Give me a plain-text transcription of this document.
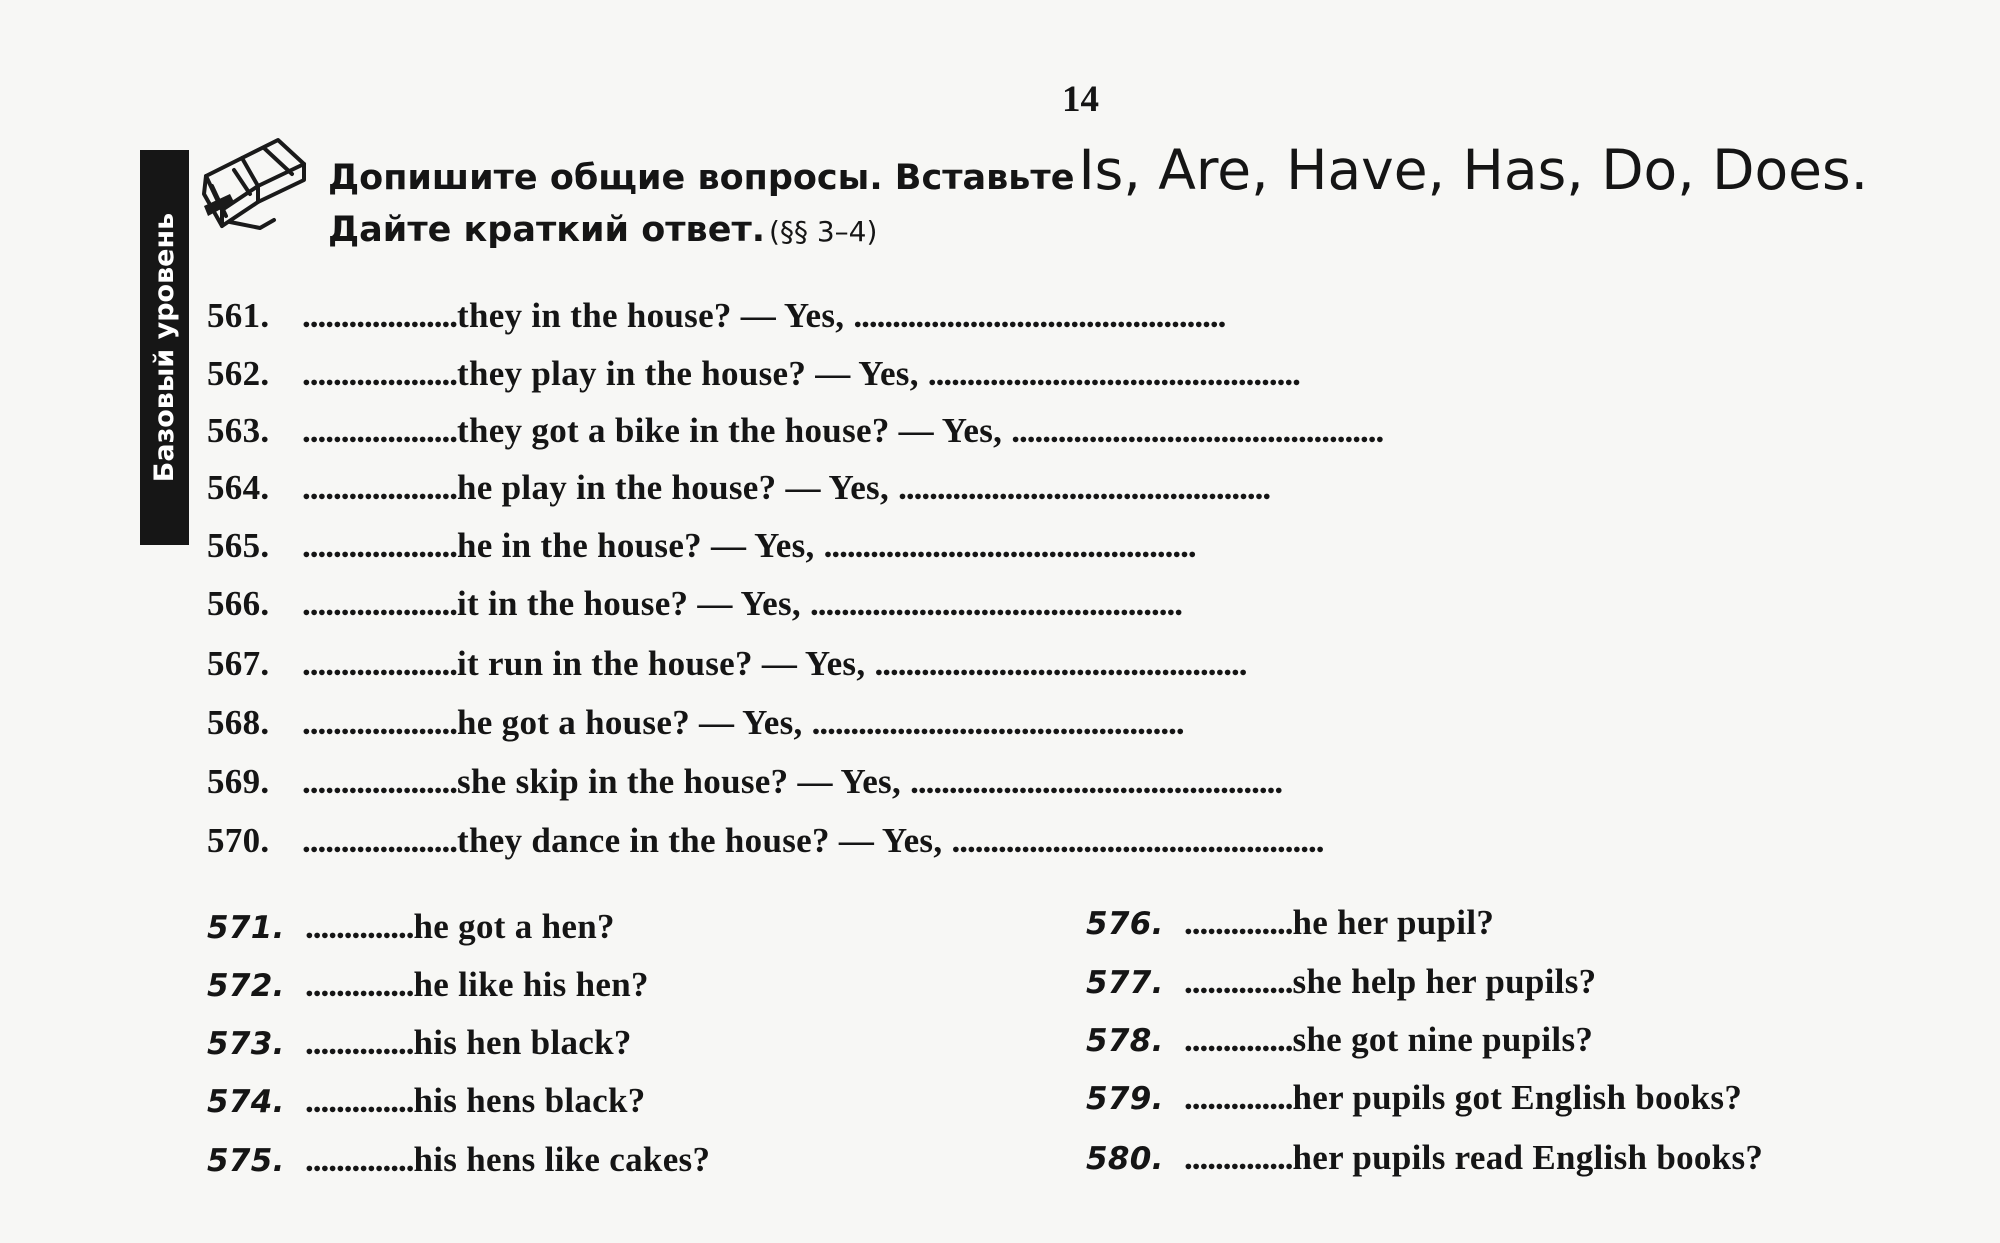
14
Базовый уровень
Допишите общие вопросы. Вставьте Is, Are, Have, Has, Do, Does.
Дайте краткий ответ. (§§ 3–4)
561. ....................they in the house? — Yes, ................................................
562. ....................they play in the house? — Yes, ................................................
563. ....................they got a bike in the house? — Yes, ................................................
564. ....................he play in the house? — Yes, ................................................
565. ....................he in the house? — Yes, ................................................
566. ....................it in the house? — Yes, ................................................
567. ....................it run in the house? — Yes, ................................................
568. ....................he got a house? — Yes, ................................................
569. ....................she skip in the house? — Yes, ................................................
570. ....................they dance in the house? — Yes, ................................................
571. ..............he got a hen?
572. ..............he like his hen?
573. ..............his hen black?
574. ..............his hens black?
575. ..............his hens like cakes?
576. ..............he her pupil?
577. ..............she help her pupils?
578. ..............she got nine pupils?
579. ..............her pupils got English books?
580. ..............her pupils read English books?
